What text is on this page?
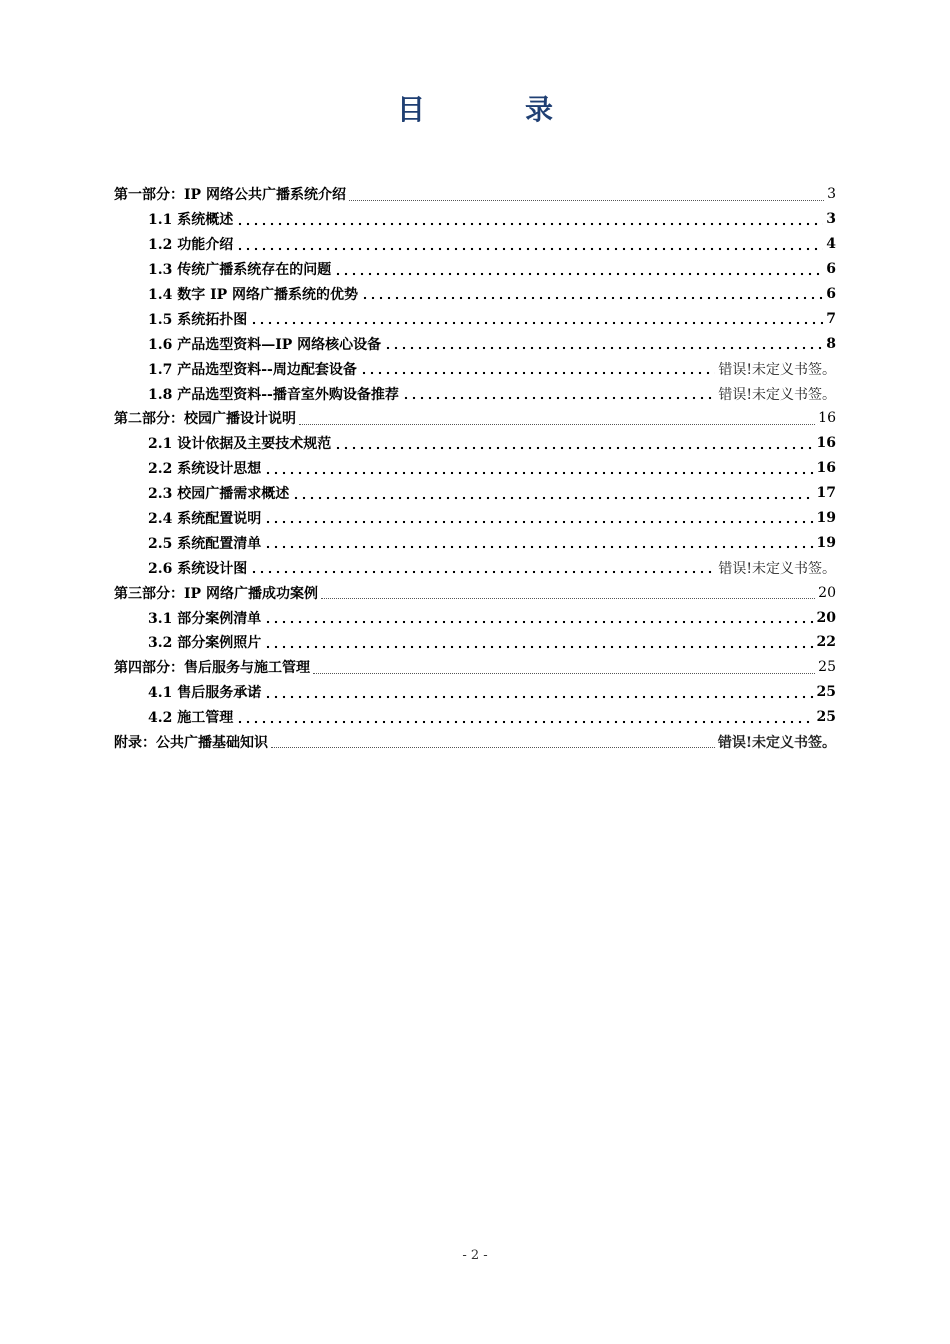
目　录
第一部分：IP 网络公共广播系统介绍	3
1.1 系统概述	3
1.2 功能介绍	4
1.3 传统广播系统存在的问题	6
1.4 数字 IP 网络广播系统的优势	6
1.5 系统拓扑图	7
1.6 产品选型资料—IP 网络核心设备	8
1.7 产品选型资料--周边配套设备	错误!未定义书签。
1.8 产品选型资料--播音室外购设备推荐	错误!未定义书签。
第二部分：校园广播设计说明	16
2.1 设计依据及主要技术规范	16
2.2 系统设计思想	16
2.3 校园广播需求概述	17
2.4 系统配置说明	19
2.5 系统配置清单	19
2.6 系统设计图	错误!未定义书签。
第三部分：IP 网络广播成功案例	20
3.1 部分案例清单	20
3.2 部分案例照片	22
第四部分：售后服务与施工管理	25
4.1 售后服务承诺	25
4.2 施工管理	25
附录：公共广播基础知识	错误!未定义书签。
- 2 -
